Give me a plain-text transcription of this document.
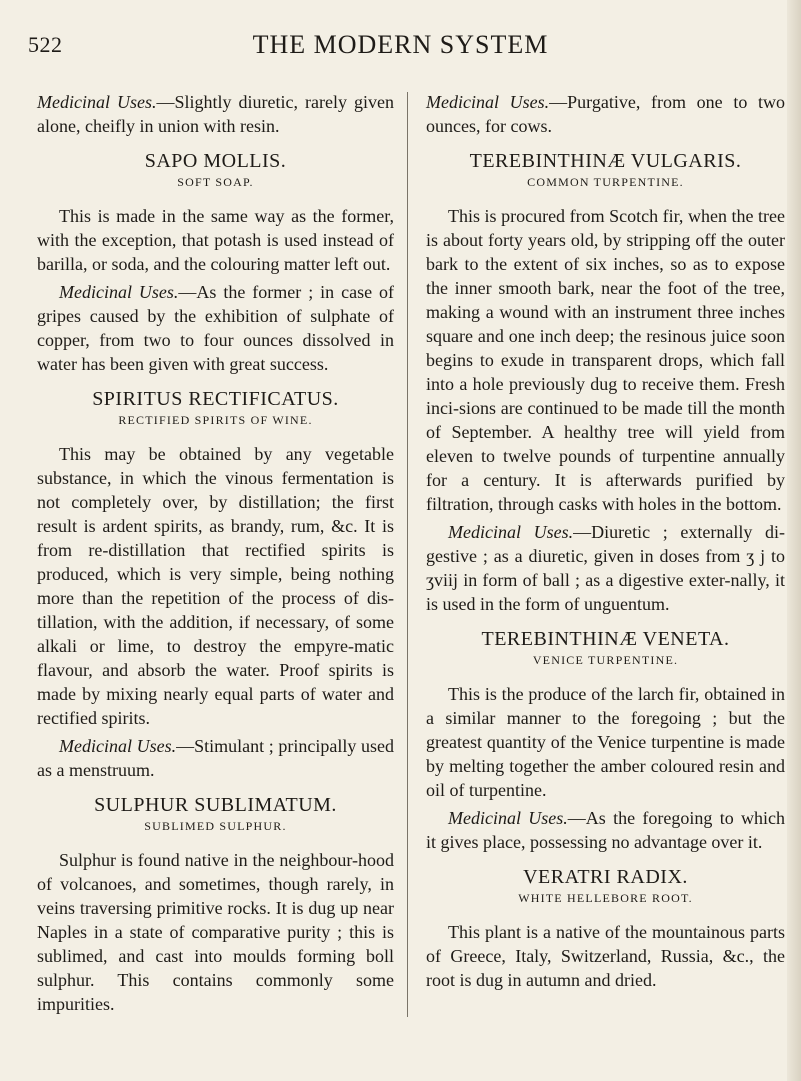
522	THE MODERN SYSTEM

Medicinal Uses.—Slightly diuretic, rarely given alone, cheifly in union with resin.

SAPO MOLLIS.
SOFT SOAP.

This is made in the same way as the former, with the exception, that potash is used instead of barilla, or soda, and the colouring matter left out.

Medicinal Uses.—As the former ; in case of gripes caused by the exhibition of sulphate of copper, from two to four ounces dissolved in water has been given with great success.

SPIRITUS RECTIFICATUS.
RECTIFIED SPIRITS OF WINE.

This may be obtained by any vegetable substance, in which the vinous fermentation is not completely over, by distillation; the first result is ardent spirits, as brandy, rum, &c. It is from re-distillation that rectified spirits is produced, which is very simple, being nothing more than the repetition of the process of dis-tillation, with the addition, if necessary, of some alkali or lime, to destroy the empyre-matic flavour, and absorb the water. Proof spirits is made by mixing nearly equal parts of water and rectified spirits.

Medicinal Uses.—Stimulant ; principally used as a menstruum.

SULPHUR SUBLIMATUM.
SUBLIMED SULPHUR.

Sulphur is found native in the neighbour-hood of volcanoes, and sometimes, though rarely, in veins traversing primitive rocks. It is dug up near Naples in a state of comparative purity ; this is sublimed, and cast into moulds forming boll sulphur. This contains commonly some impurities.

Medicinal Uses.—Purgative, from one to two ounces, for cows.

TEREBINTHINÆ VULGARIS.
COMMON TURPENTINE.

This is procured from Scotch fir, when the tree is about forty years old, by stripping off the outer bark to the extent of six inches, so as to expose the inner smooth bark, near the foot of the tree, making a wound with an instrument three inches square and one inch deep; the resinous juice soon begins to exude in transparent drops, which fall into a hole previously dug to receive them. Fresh inci-sions are continued to be made till the month of September. A healthy tree will yield from eleven to twelve pounds of turpentine annually for a century. It is afterwards purified by filtration, through casks with holes in the bottom.

Medicinal Uses.—Diuretic ; externally di-gestive ; as a diuretic, given in doses from ʒ j to ʒviij in form of ball ; as a digestive exter-nally, it is used in the form of unguentum.

TEREBINTHINÆ VENETA.
VENICE TURPENTINE.

This is the produce of the larch fir, obtained in a similar manner to the foregoing ; but the greatest quantity of the Venice turpentine is made by melting together the amber coloured resin and oil of turpentine.

Medicinal Uses.—As the foregoing to which it gives place, possessing no advantage over it.

VERATRI RADIX.
WHITE HELLEBORE ROOT.

This plant is a native of the mountainous parts of Greece, Italy, Switzerland, Russia, &c., the root is dug in autumn and dried.
